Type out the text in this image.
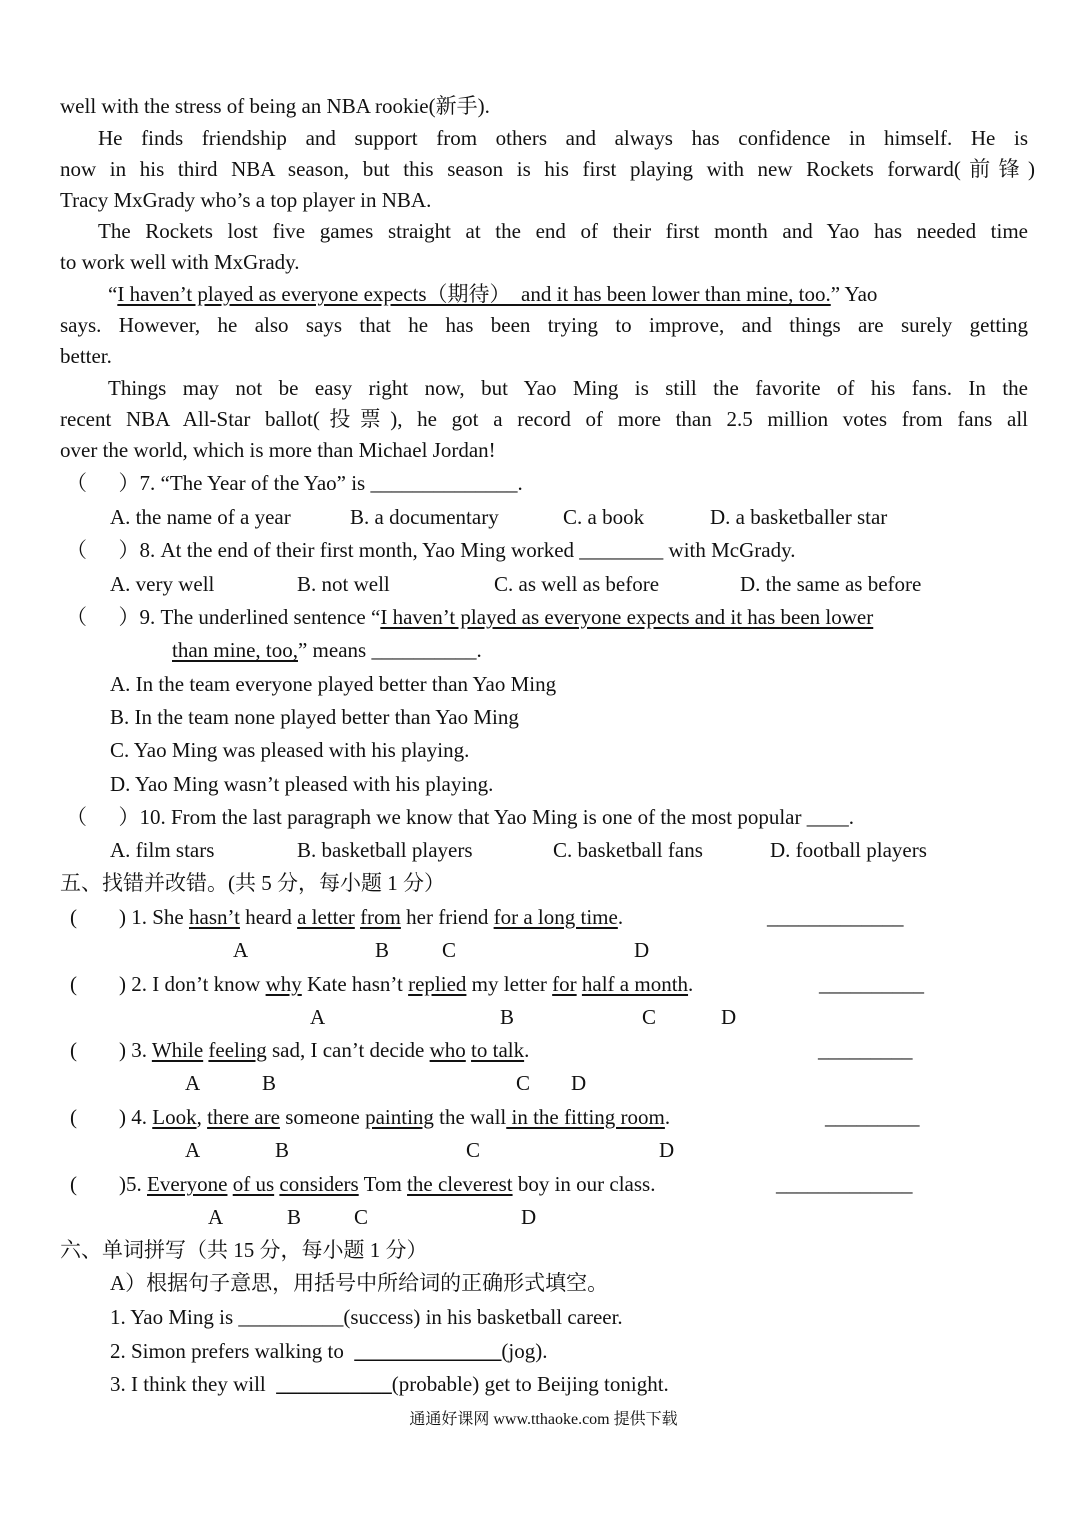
well with the stress of being an NBA rookie(新手).
He finds friendship and support from others and always has confidence in himself. He is
now in his third NBA season, but this season is his first playing with new Rockets forward(前锋)
Tracy MxGrady who’s a top player in NBA.
The Rockets lost five games straight at the end of their first month and Yao has needed time
to work well with MxGrady.
“I haven’t played as everyone expects（期待）  and it has been lower than mine, too.” Yao
says. However, he also says that he has been trying to improve, and things are surely getting
better.
Things may not be easy right now, but Yao Ming is still the favorite of his fans. In the
recent NBA All-Star ballot(投票), he got a record of more than 2.5 million votes from fans all
over the world, which is more than Michael Jordan!
（      ）7. “The Year of the Yao” is ______________.
A. the name of a year	B. a documentary	C. a book	D. a basketballer star
（      ）8. At the end of their first month, Yao Ming worked ________ with McGrady.
A. very well	B. not well	C. as well as before	D. the same as before
（      ）9. The underlined sentence “I haven’t played as everyone expects and it has been lower
than mine, too,” means __________.
A. In the team everyone played better than Yao Ming
B. In the team none played better than Yao Ming
C. Yao Ming was pleased with his playing.
D. Yao Ming wasn’t pleased with his playing.
（      ）10. From the last paragraph we know that Yao Ming is one of the most popular ____.
A. film stars	B. basketball players	C. basketball fans	D. football players
五、找错并改错。(共 5 分，每小题 1 分）
(        ) 1. She hasn’t heard a letter from her friend for a long time.	_____________
A	B	C	D
(        ) 2. I don’t know why Kate hasn’t replied my letter for half a month.	__________
A	B	C	D
(        ) 3. While feeling sad, I can’t decide who to talk.	_________
A	B	C D
(        ) 4. Look, there are someone painting the wall in the fitting room.	_________
A	B	C	D
(        )5. Everyone of us considers Tom the cleverest boy in our class.	_____________
A	B	C	D
六、单词拼写（共 15 分，每小题 1 分）
A）根据句子意思，用括号中所给词的正确形式填空。
1. Yao Ming is __________(success) in his basketball career.
2. Simon prefers walking to  ______________(jog).
3. I think they will  ___________(probable) get to Beijing tonight.
通通好课网 www.tthaoke.com 提供下载
